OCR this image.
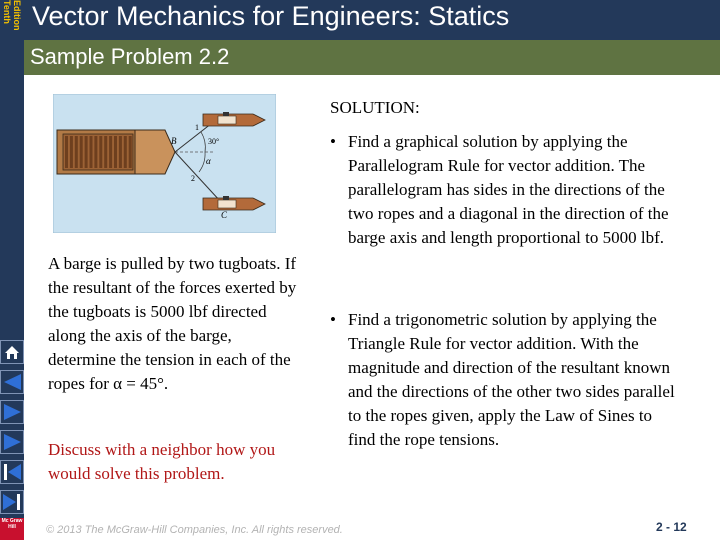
Tenth Edition Vector Mechanics for Engineers: Statics
Sample Problem 2.2
B
1
30°
α
2
C
A barge is pulled by two tugboats. If the resultant of the forces exerted by the tugboats is 5000 lbf directed along the axis of the barge, determine the tension in each of the ropes for α = 45°.
Discuss with a neighbor how you would solve this problem.
SOLUTION:
• Find a graphical solution by applying the Parallelogram Rule for vector addition. The parallelogram has sides in the directions of the two ropes and a diagonal in the direction of the barge axis and length proportional to 5000 lbf.
• Find a trigonometric solution by applying the Triangle Rule for vector addition. With the magnitude and direction of the resultant known and the directions of the other two sides parallel to the ropes given, apply the Law of Sines to find the rope tensions.
© 2013 The McGraw-Hill Companies, Inc. All rights reserved.	2 - 12
Mc Graw Hill
